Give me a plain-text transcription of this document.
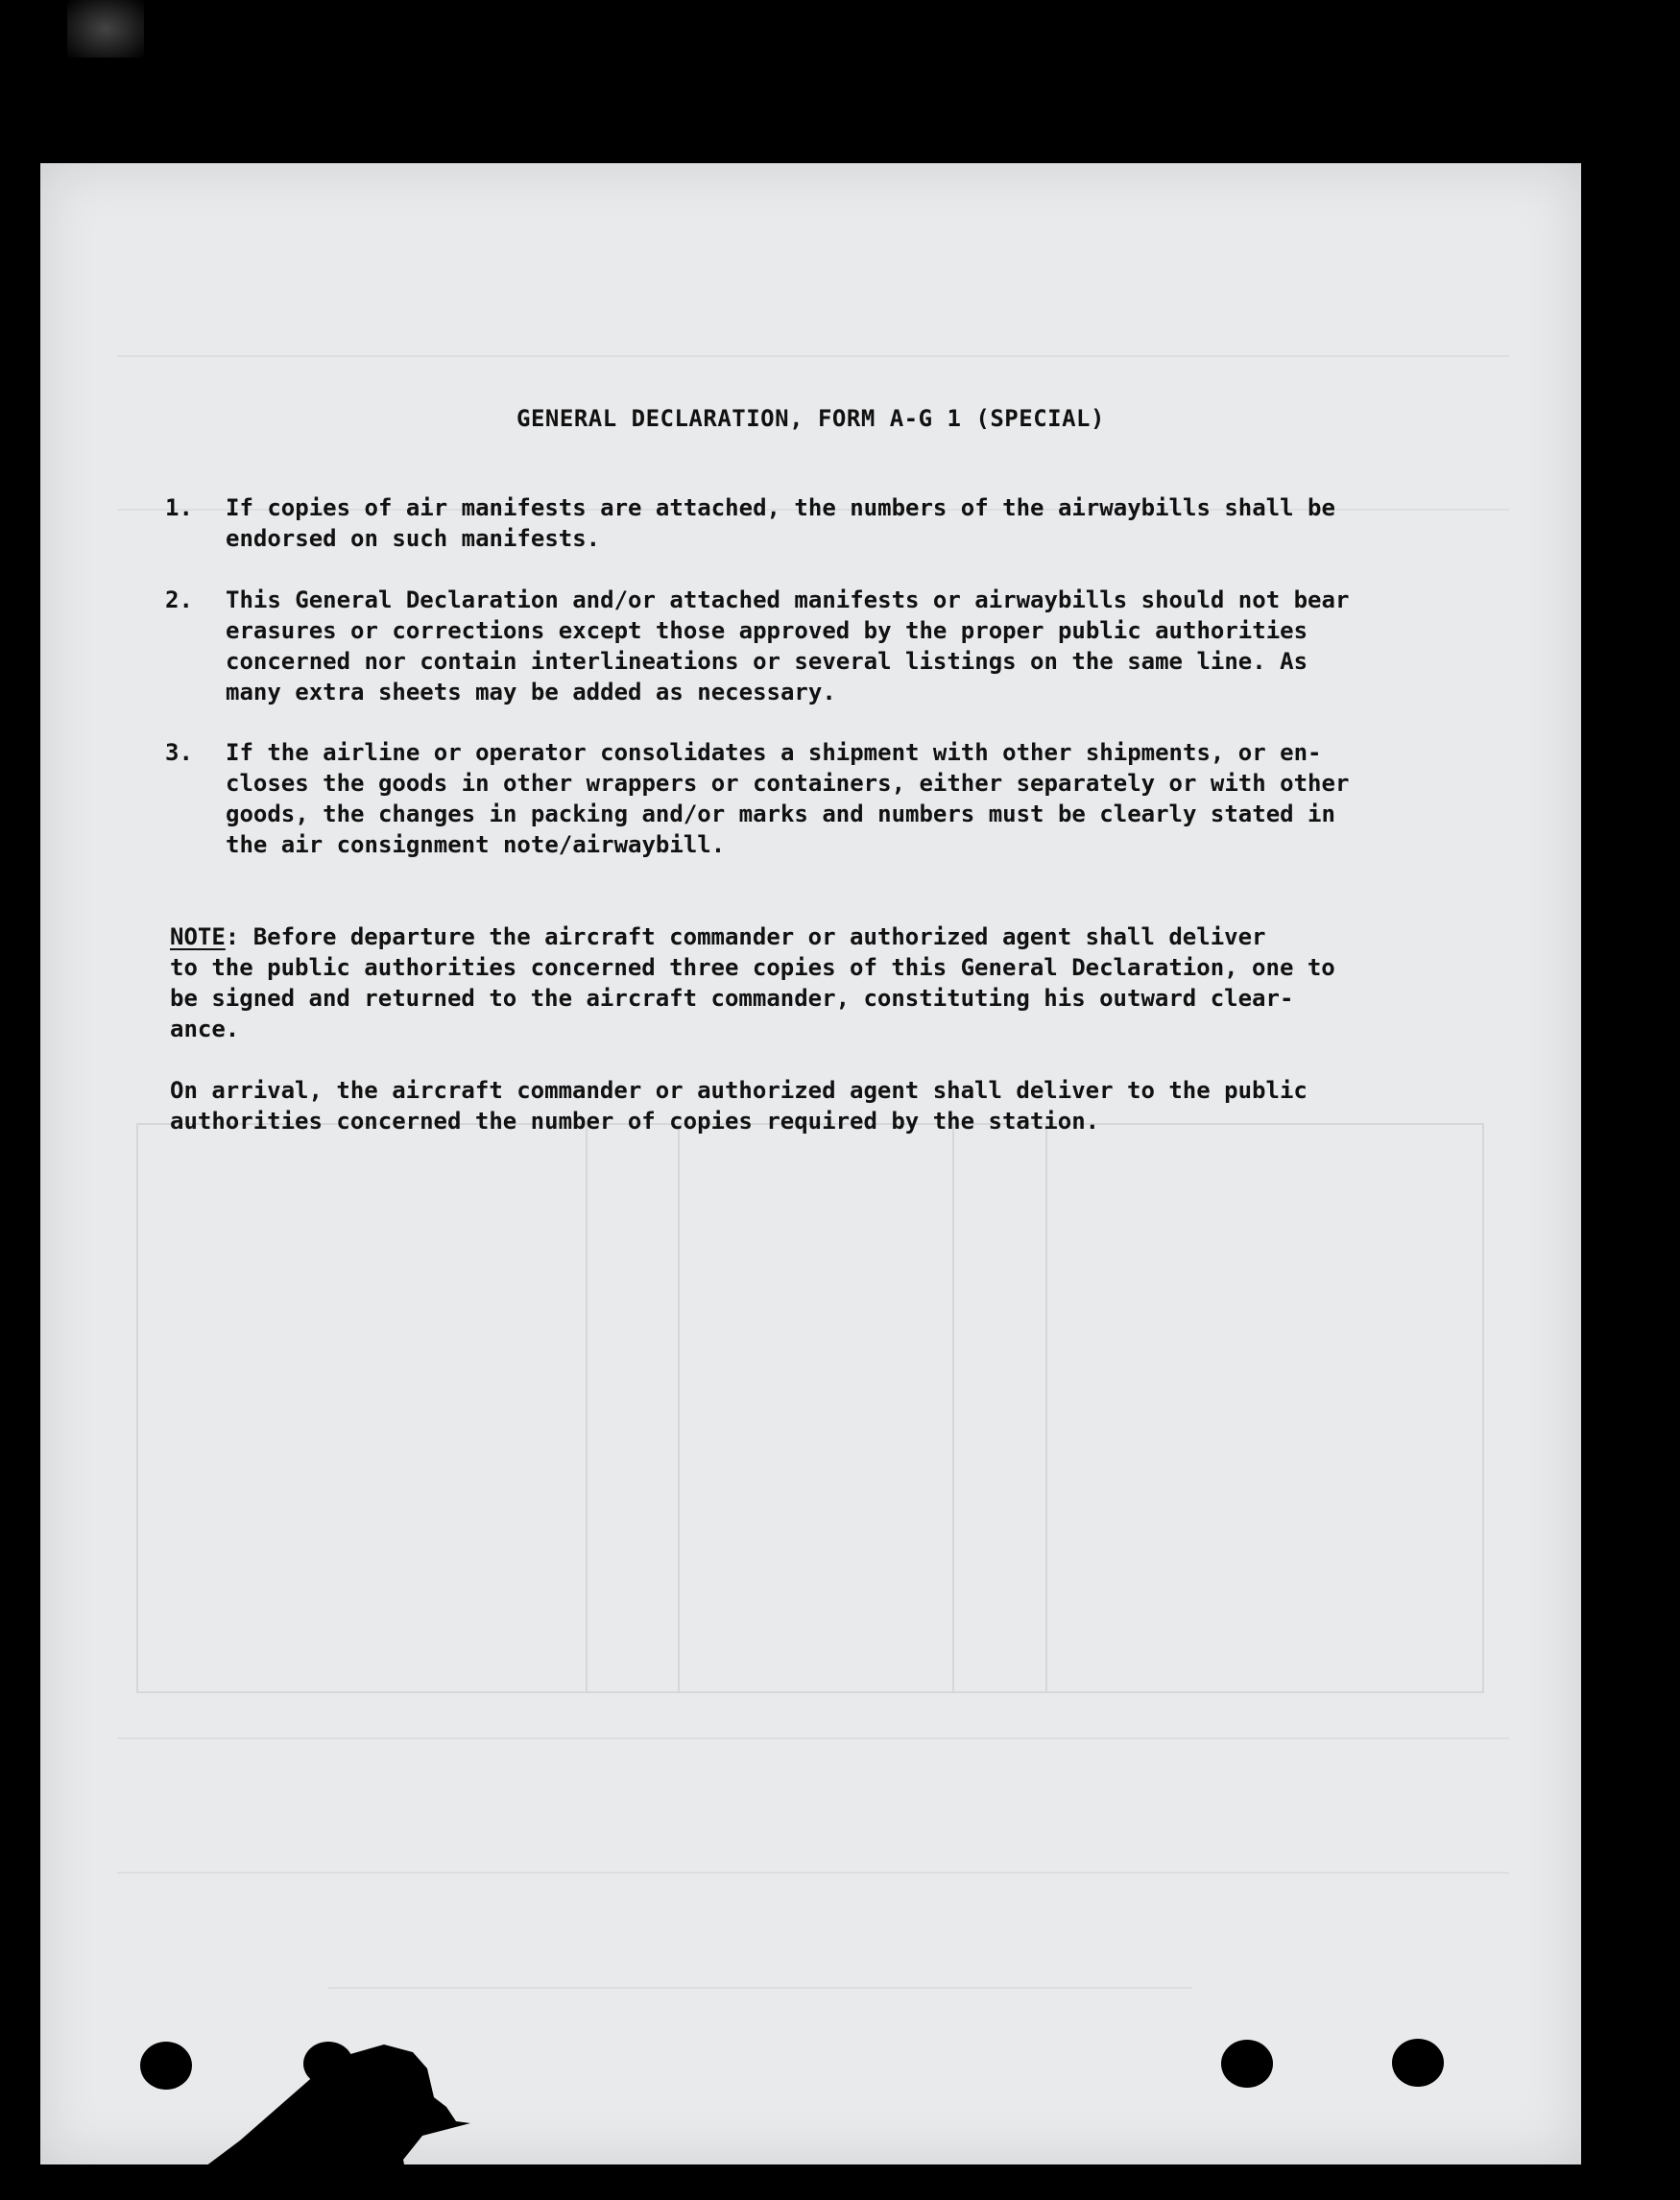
GENERAL DECLARATION, FORM A-G 1 (SPECIAL)
1. If copies of air manifests are attached, the numbers of the airwaybills shall be
endorsed on such manifests.
2. This General Declaration and/or attached manifests or airwaybills should not bear
erasures or corrections except those approved by the proper public authorities
concerned nor contain interlineations or several listings on the same line. As
many extra sheets may be added as necessary.
3. If the airline or operator consolidates a shipment with other shipments, or en-
closes the goods in other wrappers or containers, either separately or with other
goods, the changes in packing and/or marks and numbers must be clearly stated in
the air consignment note/airwaybill.
NOTE: Before departure the aircraft commander or authorized agent shall deliver
to the public authorities concerned three copies of this General Declaration, one to
be signed and returned to the aircraft commander, constituting his outward clear-
ance.
On arrival, the aircraft commander or authorized agent shall deliver to the public
authorities concerned the number of copies required by the station.
